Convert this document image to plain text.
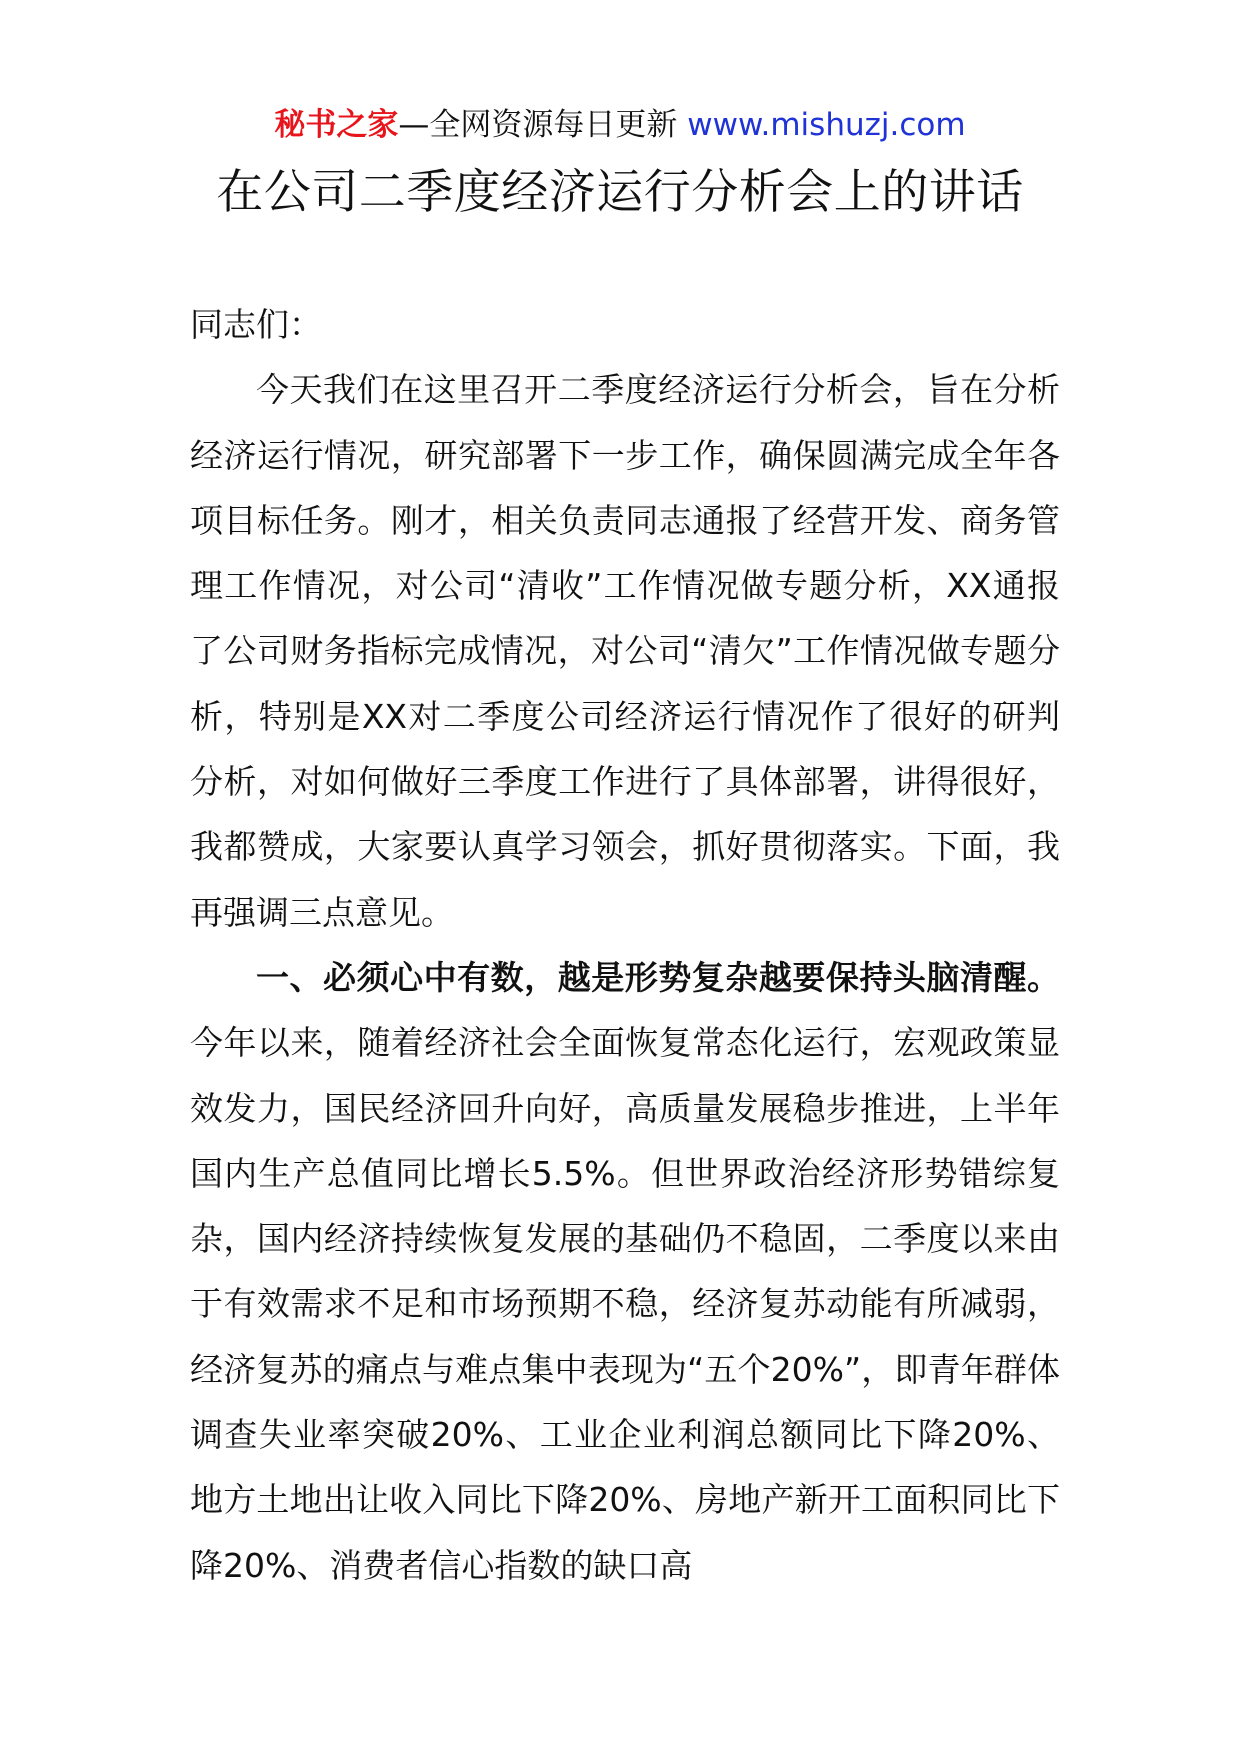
秘书之家—全网资源每日更新 www.mishuzj.com
在公司二季度经济运行分析会上的讲话

同志们：

今天我们在这里召开二季度经济运行分析会，旨在分析经济运行情况，研究部署下一步工作，确保圆满完成全年各项目标任务。刚才，相关负责同志通报了经营开发、商务管理工作情况，对公司“清收”工作情况做专题分析，XX通报了公司财务指标完成情况，对公司“清欠”工作情况做专题分析，特别是XX对二季度公司经济运行情况作了很好的研判分析，对如何做好三季度工作进行了具体部署，讲得很好，我都赞成，大家要认真学习领会，抓好贯彻落实。下面，我再强调三点意见。

一、必须心中有数，越是形势复杂越要保持头脑清醒。今年以来，随着经济社会全面恢复常态化运行，宏观政策显效发力，国民经济回升向好，高质量发展稳步推进，上半年国内生产总值同比增长5.5%。但世界政治经济形势错综复杂，国内经济持续恢复发展的基础仍不稳固，二季度以来由于有效需求不足和市场预期不稳，经济复苏动能有所减弱，经济复苏的痛点与难点集中表现为“五个20%”，即青年群体调查失业率突破20%、工业企业利润总额同比下降20%、地方土地出让收入同比下降20%、房地产新开工面积同比下降20%、消费者信心指数的缺口高
